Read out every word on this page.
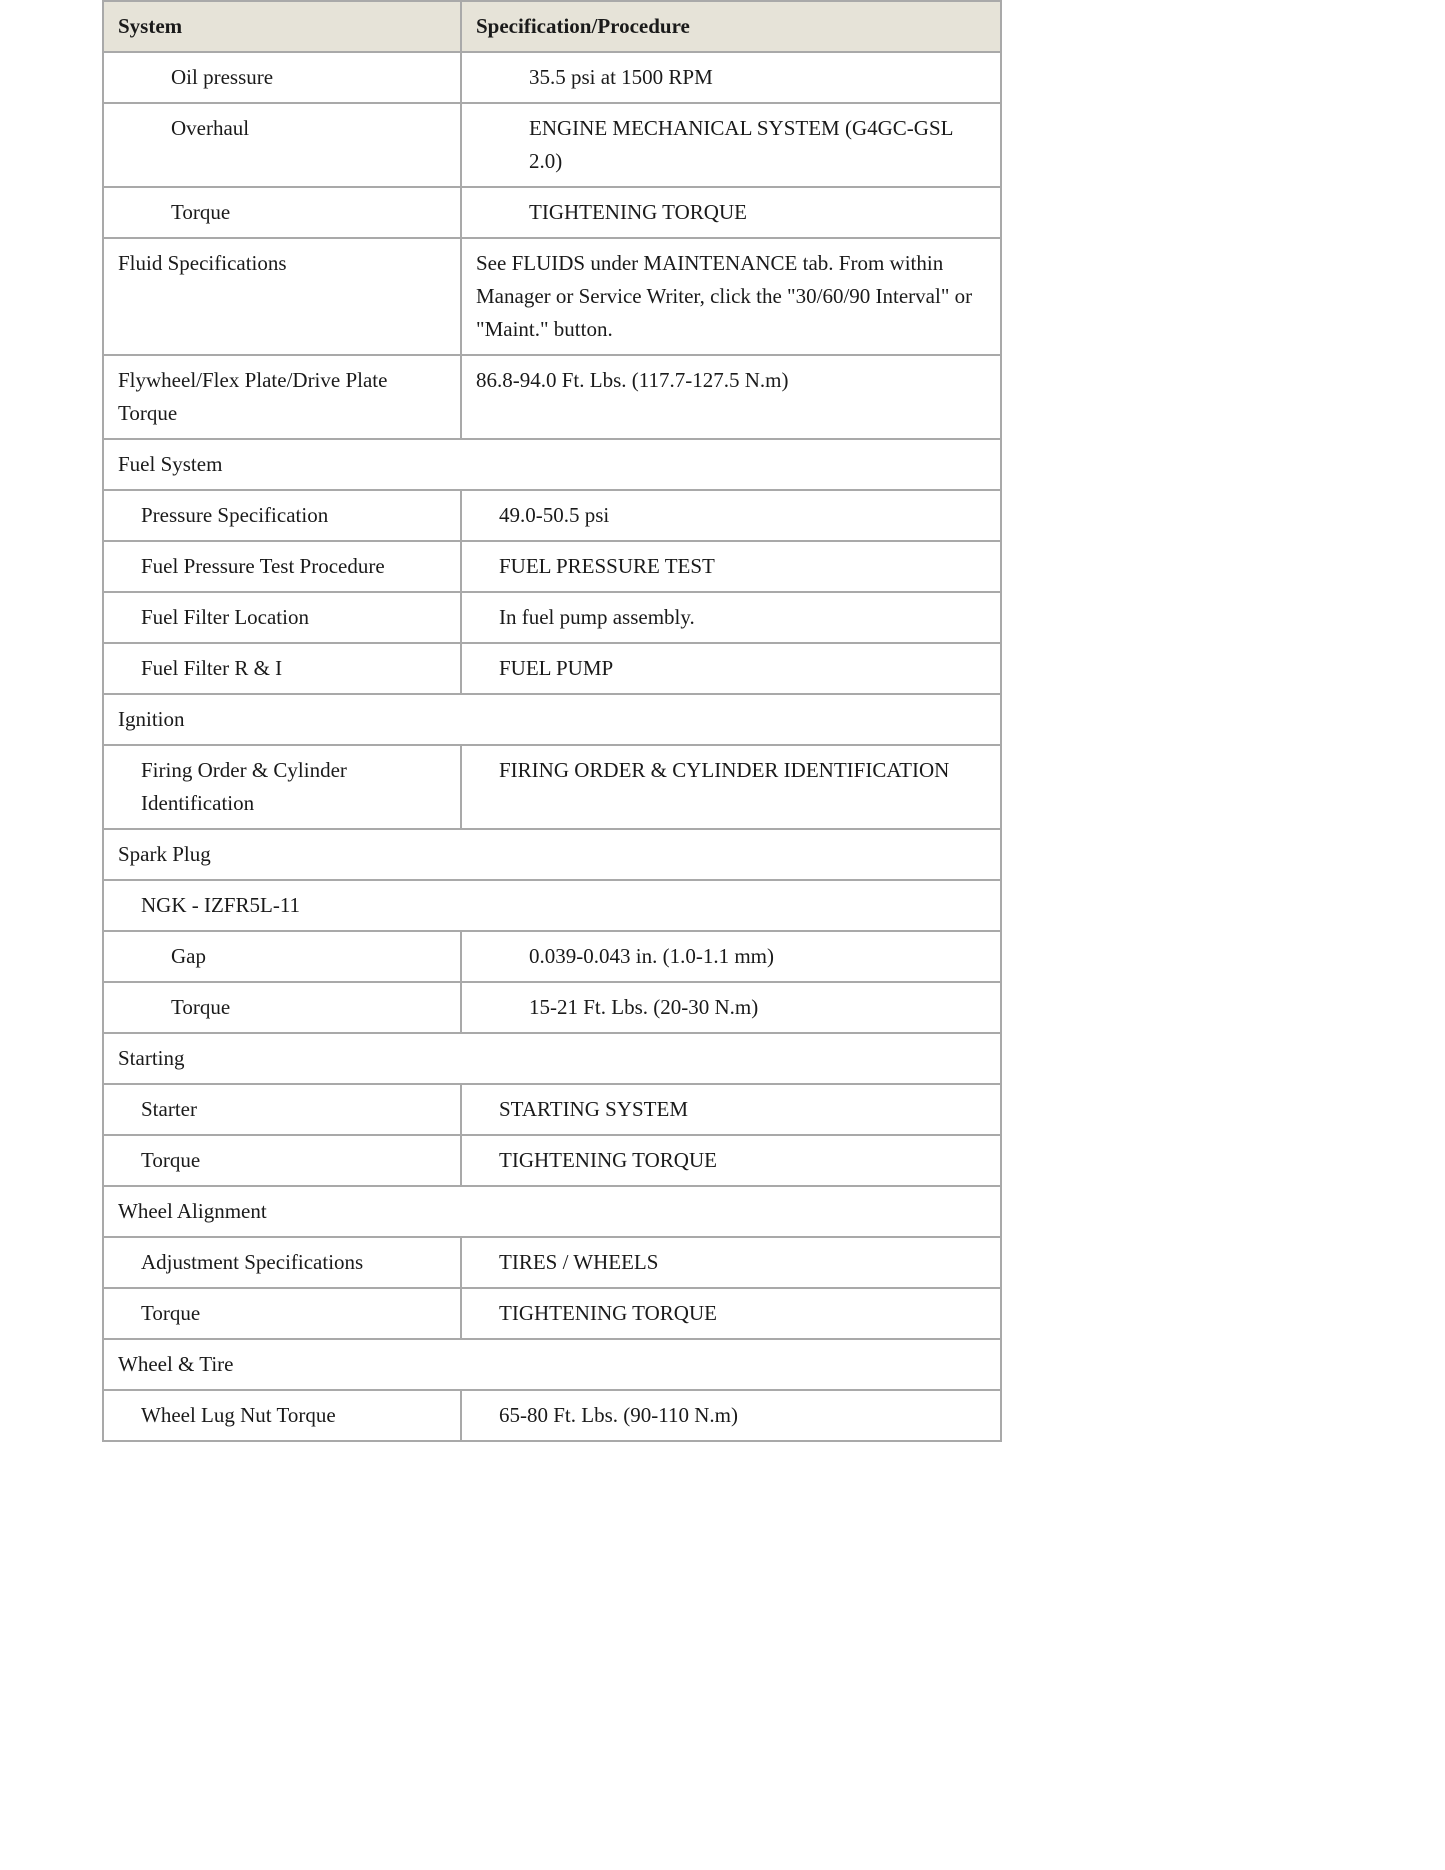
System	Specification/Procedure
Oil pressure	35.5 psi at 1500 RPM
Overhaul	ENGINE MECHANICAL SYSTEM (G4GC-GSL 2.0)
Torque	TIGHTENING TORQUE
Fluid Specifications	See FLUIDS under MAINTENANCE tab. From within Manager or Service Writer, click the "30/60/90 Interval" or "Maint." button.
Flywheel/Flex Plate/Drive Plate Torque	86.8-94.0 Ft. Lbs. (117.7-127.5 N.m)
Fuel System	
Pressure Specification	49.0-50.5 psi
Fuel Pressure Test Procedure	FUEL PRESSURE TEST
Fuel Filter Location	In fuel pump assembly.
Fuel Filter R & I	FUEL PUMP
Ignition	
Firing Order & Cylinder Identification	FIRING ORDER & CYLINDER IDENTIFICATION
Spark Plug	
NGK - IZFR5L-11	
Gap	0.039-0.043 in. (1.0-1.1 mm)
Torque	15-21 Ft. Lbs. (20-30 N.m)
Starting	
Starter	STARTING SYSTEM
Torque	TIGHTENING TORQUE
Wheel Alignment	
Adjustment Specifications	TIRES / WHEELS
Torque	TIGHTENING TORQUE
Wheel & Tire	
Wheel Lug Nut Torque	65-80 Ft. Lbs. (90-110 N.m)
